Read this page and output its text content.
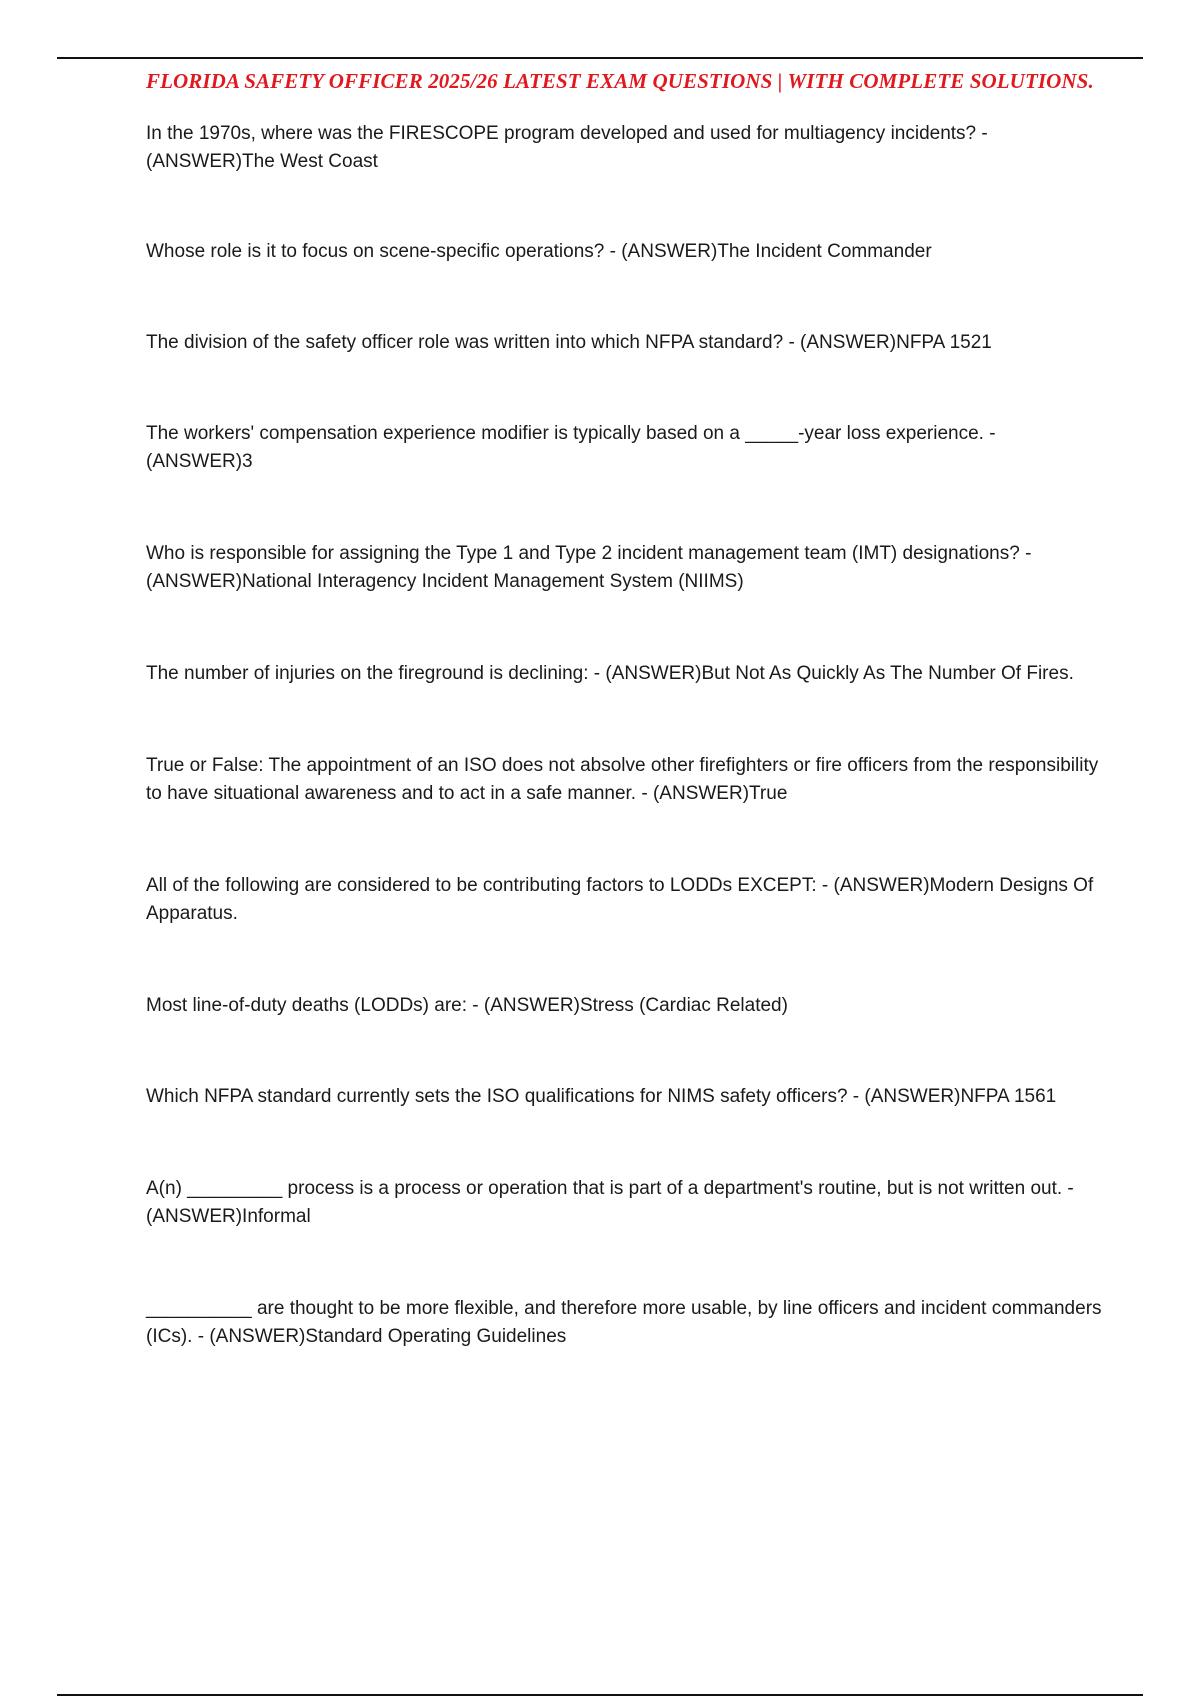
FLORIDA SAFETY OFFICER 2025/26 LATEST EXAM QUESTIONS | WITH COMPLETE SOLUTIONS.
In the 1970s, where was the FIRESCOPE program developed and used for multiagency incidents? - (ANSWER)The West Coast
Whose role is it to focus on scene-specific operations? - (ANSWER)The Incident Commander
The division of the safety officer role was written into which NFPA standard? - (ANSWER)NFPA 1521
The workers' compensation experience modifier is typically based on a _____-year loss experience. - (ANSWER)3
Who is responsible for assigning the Type 1 and Type 2 incident management team (IMT) designations? - (ANSWER)National Interagency Incident Management System (NIIMS)
The number of injuries on the fireground is declining: - (ANSWER)But Not As Quickly As The Number Of Fires.
True or False: The appointment of an ISO does not absolve other firefighters or fire officers from the responsibility to have situational awareness and to act in a safe manner. - (ANSWER)True
All of the following are considered to be contributing factors to LODDs EXCEPT: - (ANSWER)Modern Designs Of Apparatus.
Most line-of-duty deaths (LODDs) are: - (ANSWER)Stress (Cardiac Related)
Which NFPA standard currently sets the ISO qualifications for NIMS safety officers? - (ANSWER)NFPA 1561
A(n) _________ process is a process or operation that is part of a department's routine, but is not written out. - (ANSWER)Informal
__________ are thought to be more flexible, and therefore more usable, by line officers and incident commanders (ICs). - (ANSWER)Standard Operating Guidelines
